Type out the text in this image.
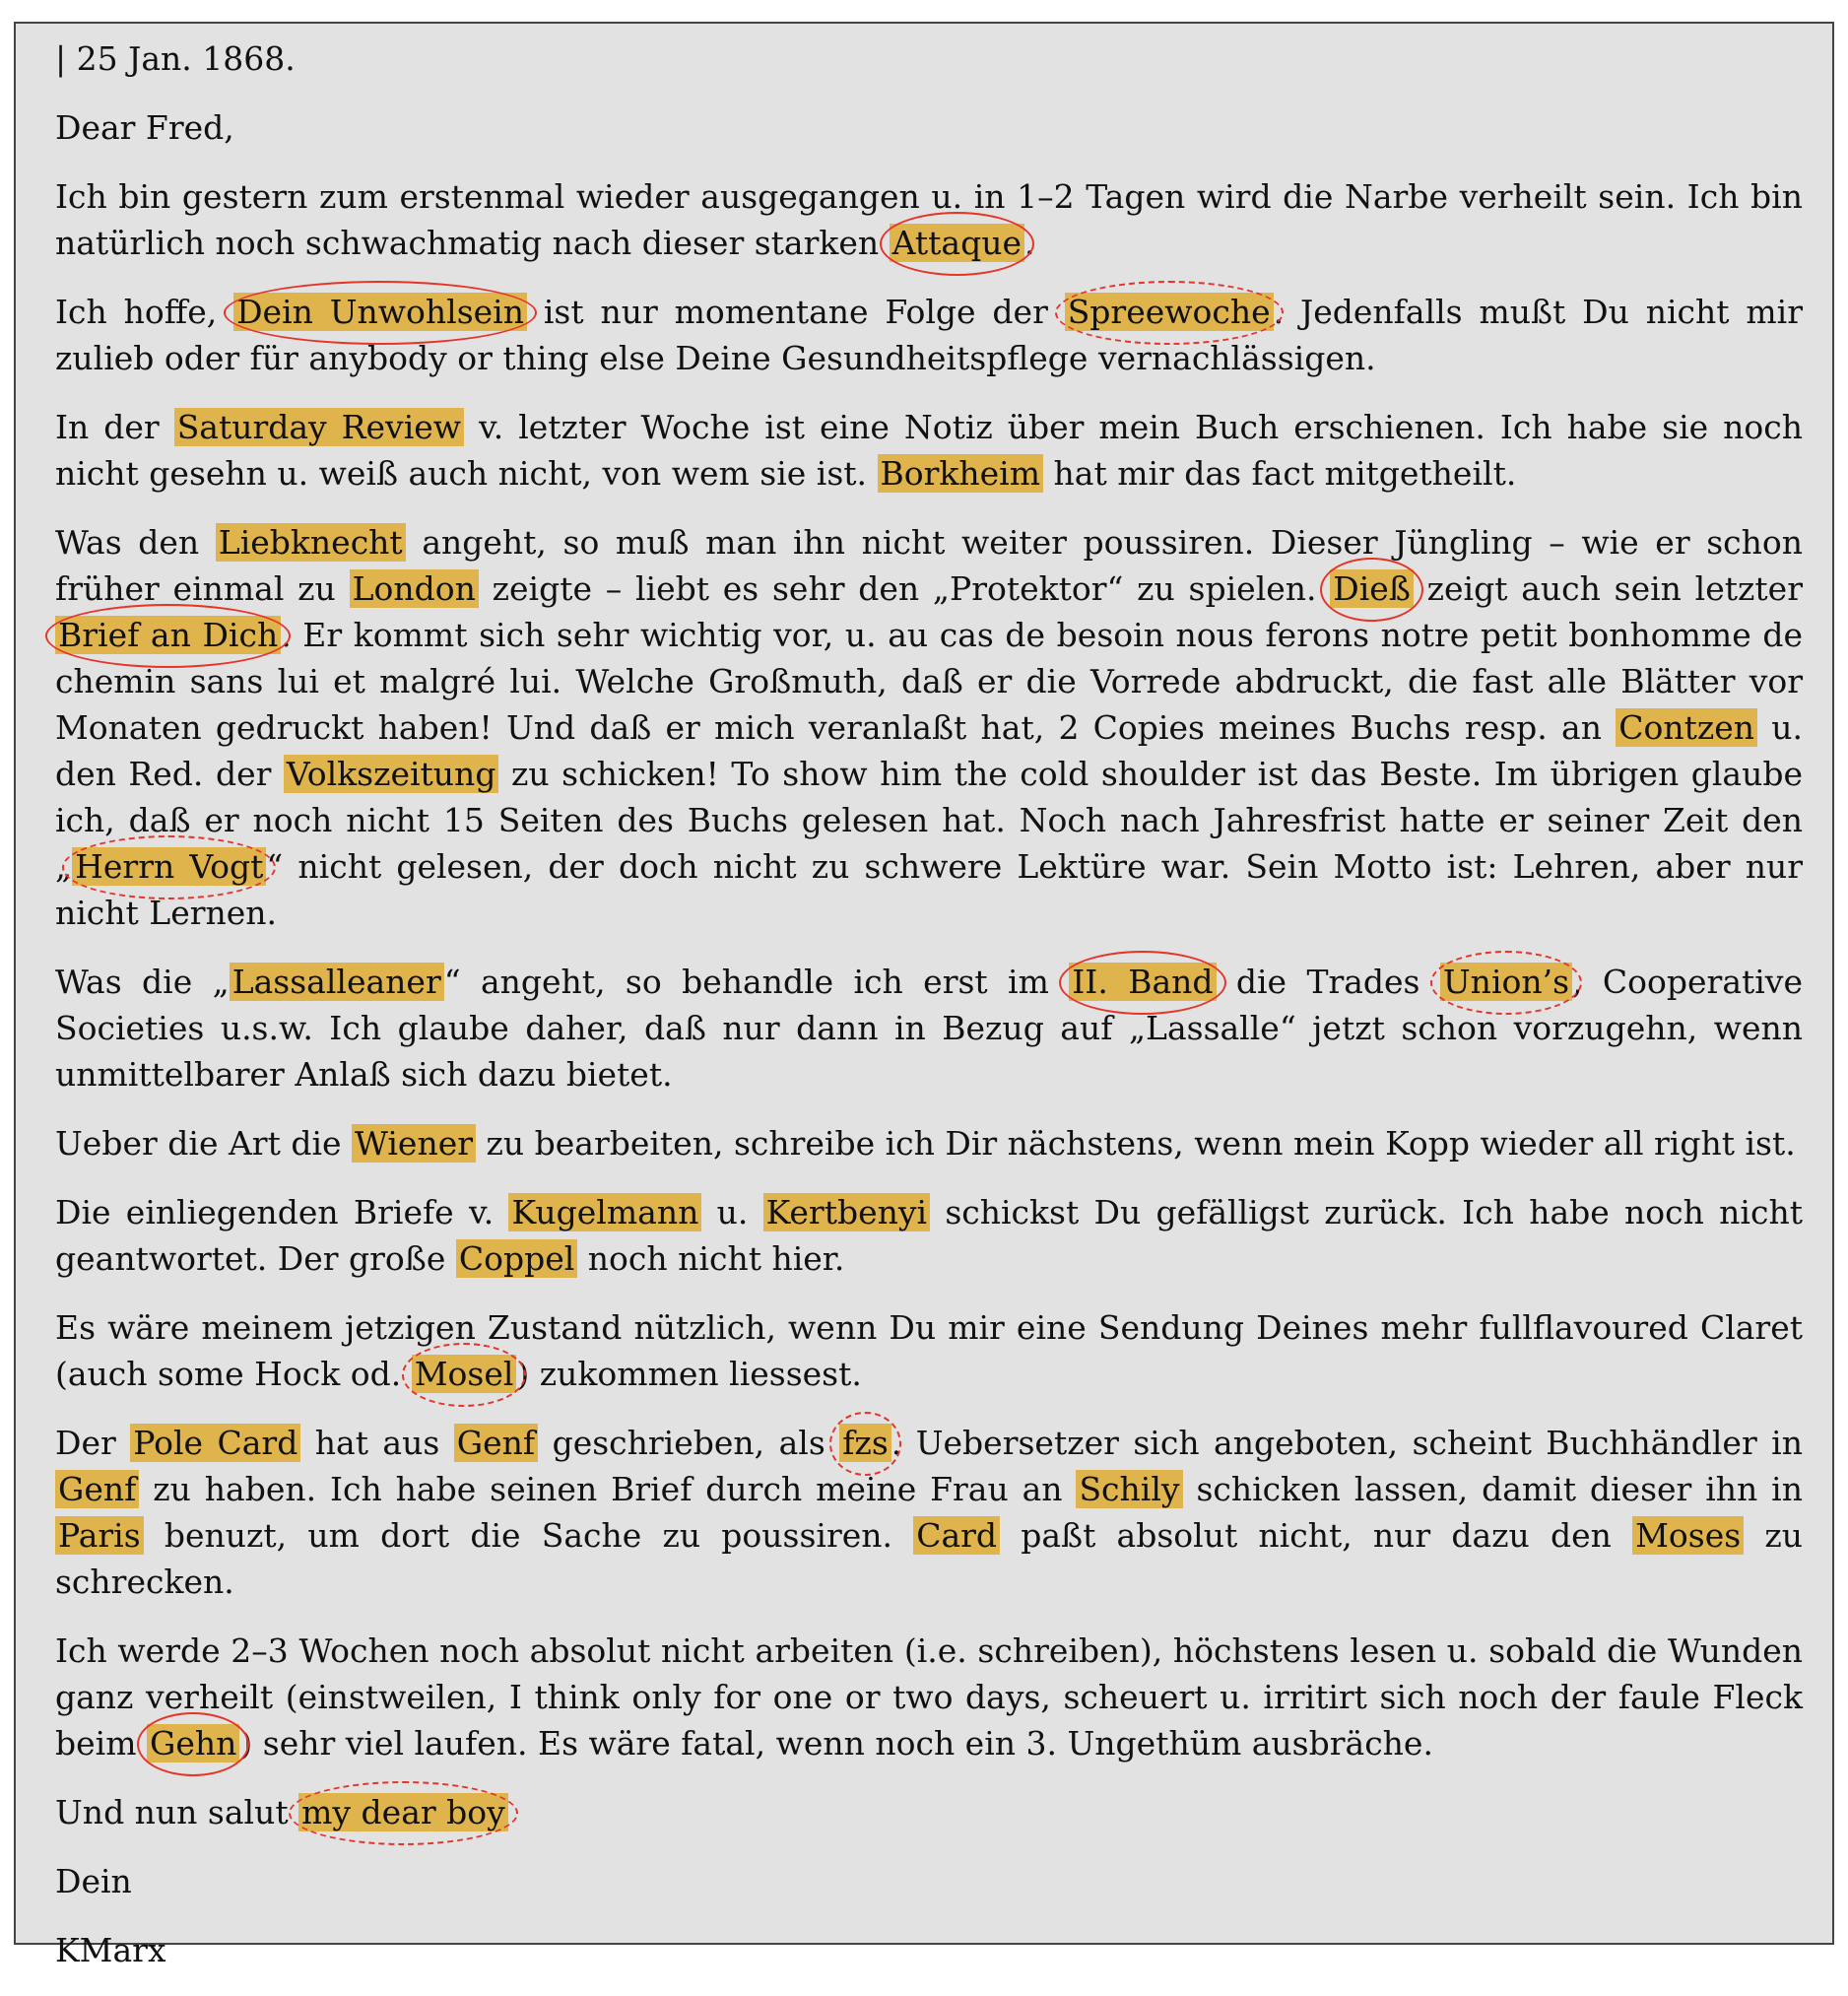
| 25 Jan. 1868.

Dear Fred,

Ich bin gestern zum erstenmal wieder ausgegangen u. in 1–2 Tagen wird die Narbe verheilt sein. Ich bin natürlich noch schwachmatig nach dieser starken Attaque.

Ich hoffe, Dein Unwohlsein ist nur momentane Folge der Spreewoche. Jedenfalls mußt Du nicht mir zulieb oder für anybody or thing else Deine Gesundheitspflege vernachlässigen.

In der Saturday Review v. letzter Woche ist eine Notiz über mein Buch erschienen. Ich habe sie noch nicht gesehn u. weiß auch nicht, von wem sie ist. Borkheim hat mir das fact mitgetheilt.

Was den Liebknecht angeht, so muß man ihn nicht weiter poussiren. Dieser Jüngling – wie er schon früher einmal zu London zeigte – liebt es sehr den „Protektor“ zu spielen. Dieß zeigt auch sein letzter Brief an Dich. Er kommt sich sehr wichtig vor, u. au cas de besoin nous ferons notre petit bonhomme de chemin sans lui et malgré lui. Welche Großmuth, daß er die Vorrede abdruckt, die fast alle Blätter vor Monaten gedruckt haben! Und daß er mich veranlaßt hat, 2 Copies meines Buchs resp. an Contzen u. den Red. der Volkszeitung zu schicken! To show him the cold shoulder ist das Beste. Im übrigen glaube ich, daß er noch nicht 15 Seiten des Buchs gelesen hat. Noch nach Jahresfrist hatte er seiner Zeit den „Herrn Vogt“ nicht gelesen, der doch nicht zu schwere Lektüre war. Sein Motto ist: Lehren, aber nur nicht Lernen.

Was die „Lassalleaner“ angeht, so behandle ich erst im II. Band die Trades Union’s, Cooperative Societies u.s.w. Ich glaube daher, daß nur dann in Bezug auf „Lassalle“ jetzt schon vorzugehn, wenn unmittelbarer Anlaß sich dazu bietet.

Ueber die Art die Wiener zu bearbeiten, schreibe ich Dir nächstens, wenn mein Kopp wieder all right ist.

Die einliegenden Briefe v. Kugelmann u. Kertbenyi schickst Du gefälligst zurück. Ich habe noch nicht geantwortet. Der große Coppel noch nicht hier.

Es wäre meinem jetzigen Zustand nützlich, wenn Du mir eine Sendung Deines mehr fullflavoured Claret (auch some Hock od. Mosel) zukommen liessest.

Der Pole Card hat aus Genf geschrieben, als fzs. Uebersetzer sich angeboten, scheint Buchhändler in Genf zu haben. Ich habe seinen Brief durch meine Frau an Schily schicken lassen, damit dieser ihn in Paris benuzt, um dort die Sache zu poussiren. Card paßt absolut nicht, nur dazu den Moses zu schrecken.

Ich werde 2–3 Wochen noch absolut nicht arbeiten (i.e. schreiben), höchstens lesen u. sobald die Wunden ganz verheilt (einstweilen, I think only for one or two days, scheuert u. irritirt sich noch der faule Fleck beim Gehn) sehr viel laufen. Es wäre fatal, wenn noch ein 3. Ungethüm ausbräche.

Und nun salut my dear boy

Dein

KMarx
